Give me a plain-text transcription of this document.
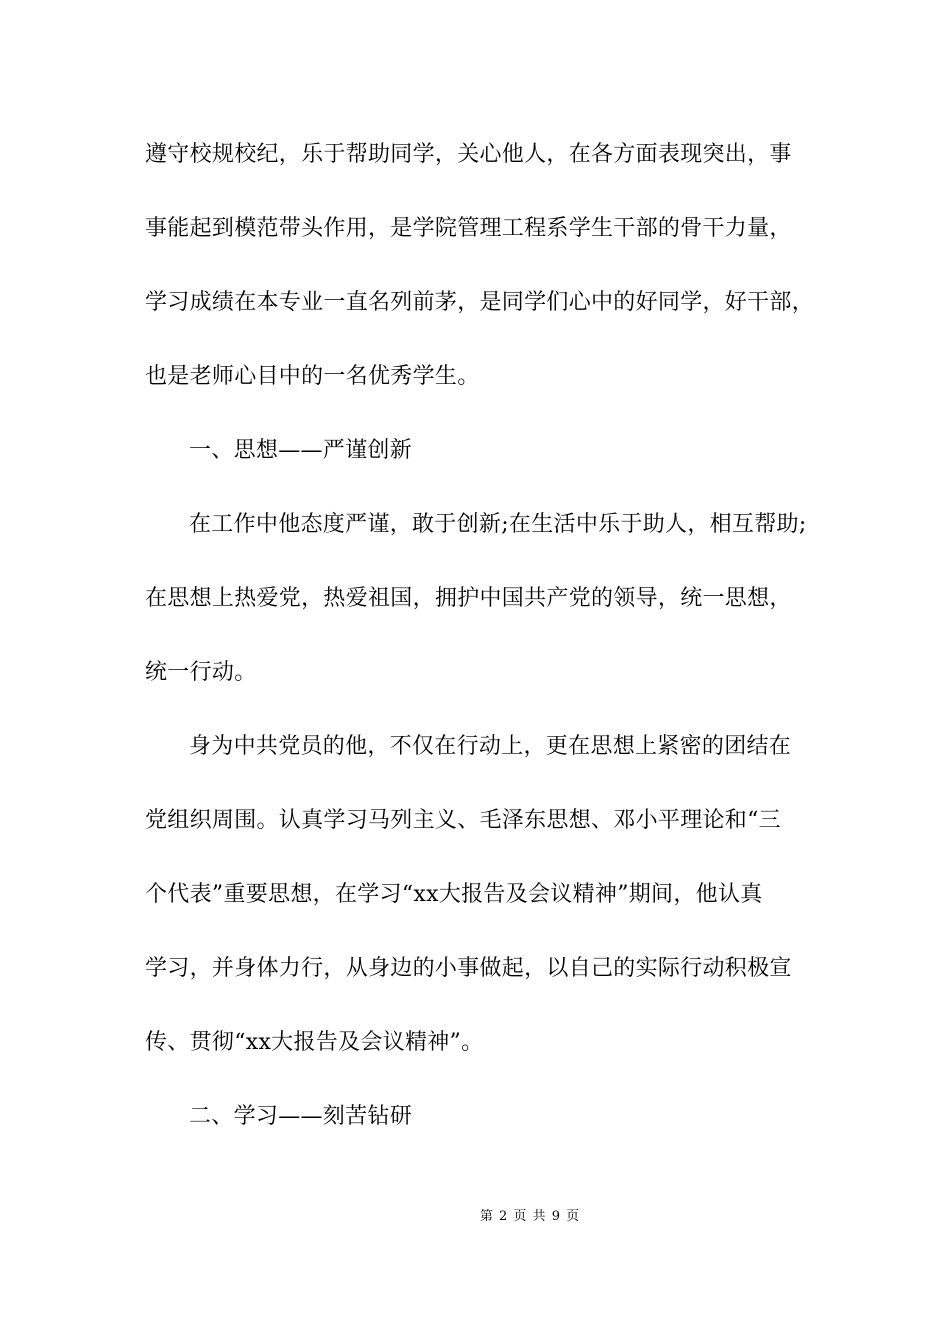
遵守校规校纪，乐于帮助同学，关心他人，在各方面表现突出，事
事能起到模范带头作用，是学院管理工程系学生干部的骨干力量，
学习成绩在本专业一直名列前茅，是同学们心中的好同学，好干部，
也是老师心目中的一名优秀学生。
一、思想——严谨创新
在工作中他态度严谨，敢于创新;在生活中乐于助人，相互帮助;
在思想上热爱党，热爱祖国，拥护中国共产党的领导，统一思想，
统一行动。
身为中共党员的他，不仅在行动上，更在思想上紧密的团结在
党组织周围。认真学习马列主义、毛泽东思想、邓小平理论和“三
个代表”重要思想，在学习“xx大报告及会议精神”期间，他认真
学习，并身体力行，从身边的小事做起，以自己的实际行动积极宣
传、贯彻“xx大报告及会议精神”。
二、学习——刻苦钻研
第 2 页 共 9 页
